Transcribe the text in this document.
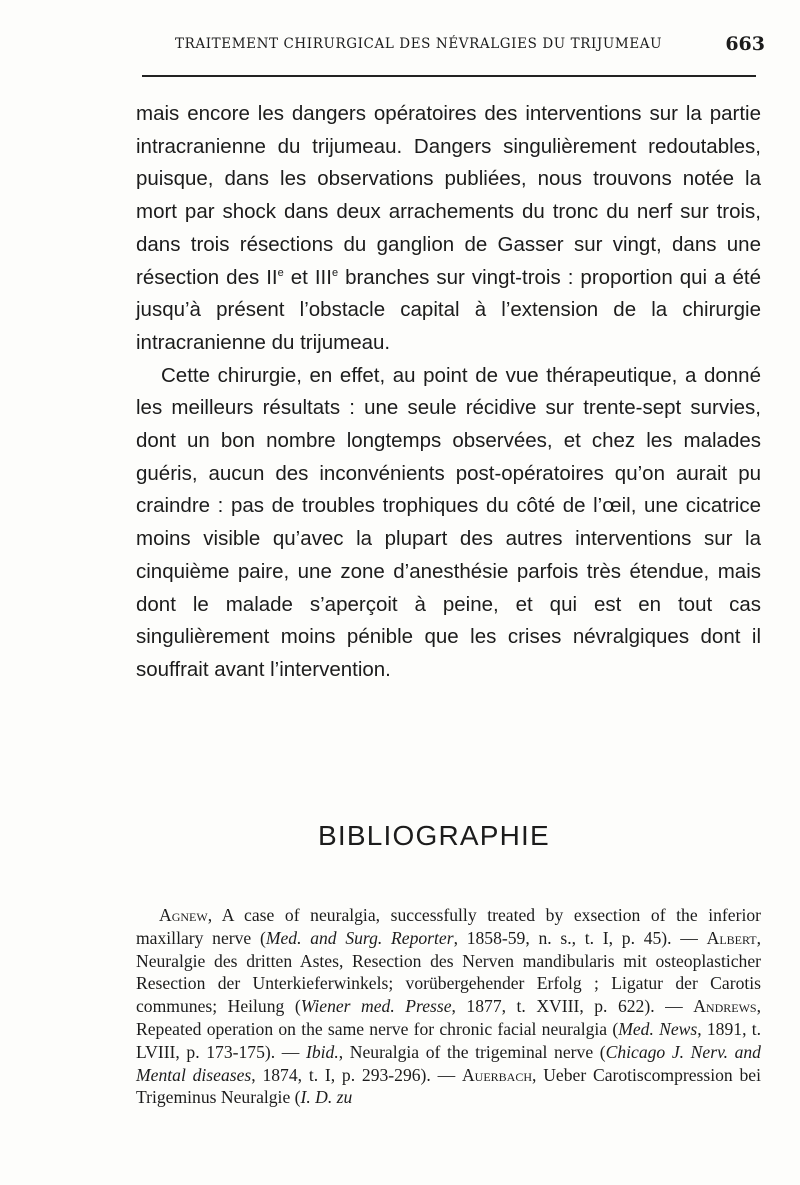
TRAITEMENT CHIRURGICAL DES NÉVRALGIES DU TRIJUMEAU	663

mais encore les dangers opératoires des interventions sur la partie intracranienne du trijumeau. Dangers singulièrement redoutables, puisque, dans les observations publiées, nous trouvons notée la mort par shock dans deux arrachements du tronc du nerf sur trois, dans trois résections du ganglion de Gasser sur vingt, dans une résection des IIe et IIIe branches sur vingt-trois : proportion qui a été jusqu’à présent l’obstacle capital à l’extension de la chirurgie intracranienne du trijumeau.

Cette chirurgie, en effet, au point de vue thérapeutique, a donné les meilleurs résultats : une seule récidive sur trente-sept survies, dont un bon nombre longtemps observées, et chez les malades guéris, aucun des inconvénients post-opératoires qu’on aurait pu craindre : pas de troubles trophiques du côté de l’œil, une cicatrice moins visible qu’avec la plupart des autres interventions sur la cinquième paire, une zone d’anesthésie parfois très étendue, mais dont le malade s’aperçoit à peine, et qui est en tout cas singulièrement moins pénible que les crises névralgiques dont il souffrait avant l’intervention.

BIBLIOGRAPHIE

Agnew, A case of neuralgia, successfully treated by exsection of the inferior maxillary nerve (Med. and Surg. Reporter, 1858-59, n. s., t. I, p. 45). — Albert, Neuralgie des dritten Astes, Resection des Nerven mandibularis mit osteoplasticher Resection der Unterkieferwinkels; vorübergehender Erfolg ; Ligatur der Carotis communes; Heilung (Wiener med. Presse, 1877, t. XVIII, p. 622). — Andrews, Repeated operation on the same nerve for chronic facial neuralgia (Med. News, 1891, t. LVIII, p. 173-175). — Ibid., Neuralgia of the trigeminal nerve (Chicago J. Nerv. and Mental diseases, 1874, t. I, p. 293-296). — Auerbach, Ueber Carotiscompression bei Trigeminus Neuralgie (I. D. zu
